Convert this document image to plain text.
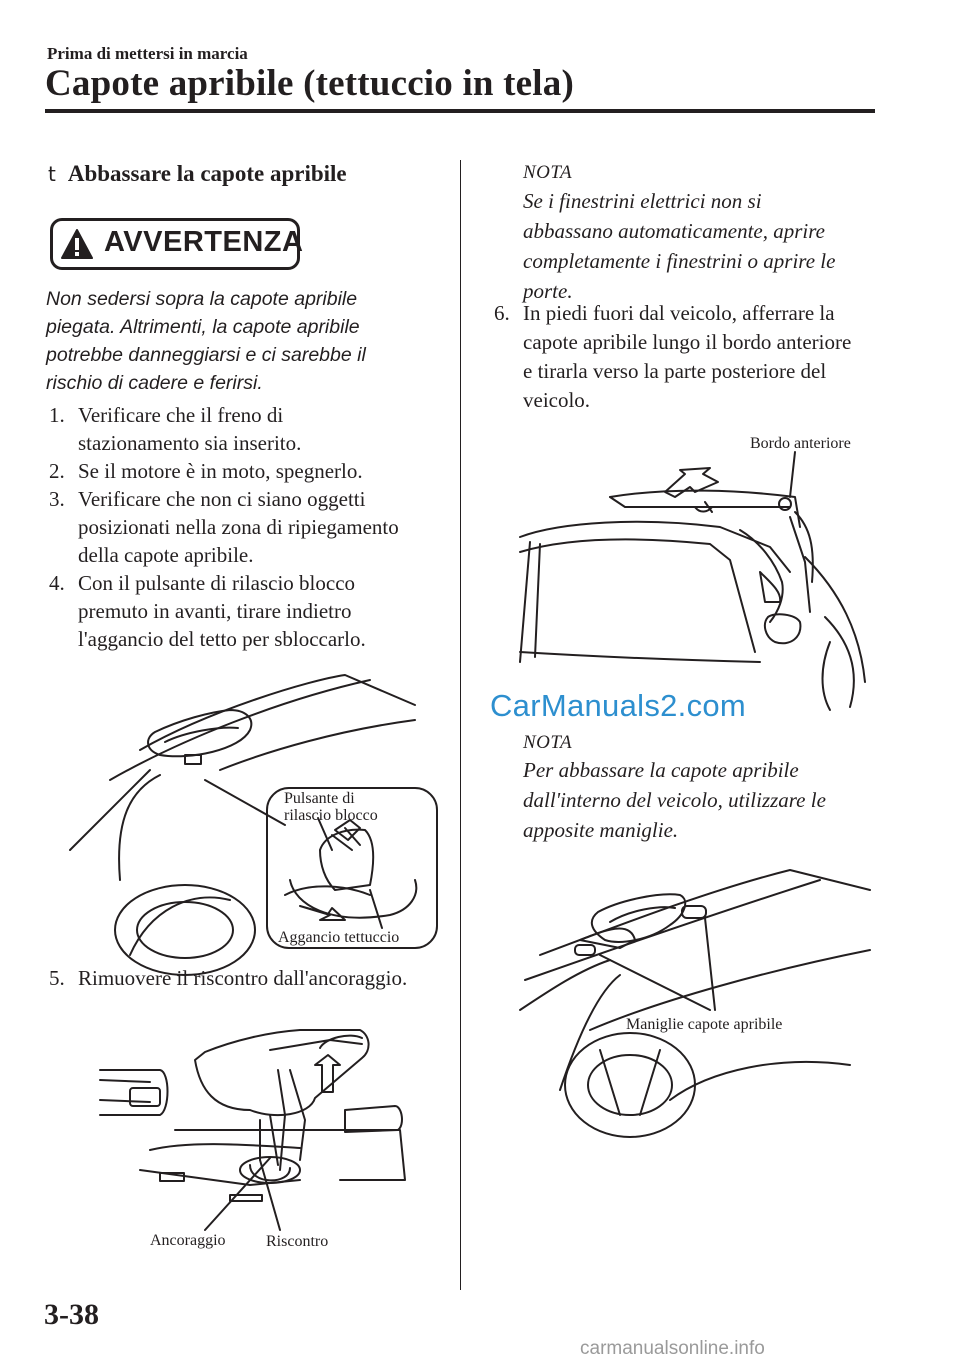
Prima di mettersi in marcia
Capote apribile (tettuccio in tela)
t Abbassare la capote apribile
AVVERTENZA
Non sedersi sopra la capote apribile
piegata. Altrimenti, la capote apribile
potrebbe danneggiarsi e ci sarebbe il
rischio di cadere e ferirsi.
1. Verificare che il freno di
stazionamento sia inserito.
2. Se il motore è in moto, spegnerlo.
3. Verificare che non ci siano oggetti
posizionati nella zona di ripiegamento
della capote apribile.
4. Con il pulsante di rilascio blocco
premuto in avanti, tirare indietro
l'aggancio del tetto per sbloccarlo.
Pulsante di
rilascio blocco
Aggancio tettuccio
5. Rimuovere il riscontro dall'ancoraggio.
Ancoraggio	Riscontro
NOTA
Se i finestrini elettrici non si
abbassano automaticamente, aprire
completamente i finestrini o aprire le
porte.
6. In piedi fuori dal veicolo, afferrare la
capote apribile lungo il bordo anteriore
e tirarla verso la parte posteriore del
veicolo.
Bordo anteriore
CarManuals2.com
NOTA
Per abbassare la capote apribile
dall'interno del veicolo, utilizzare le
apposite maniglie.
Maniglie capote apribile
3-38
carmanualsonline.info
